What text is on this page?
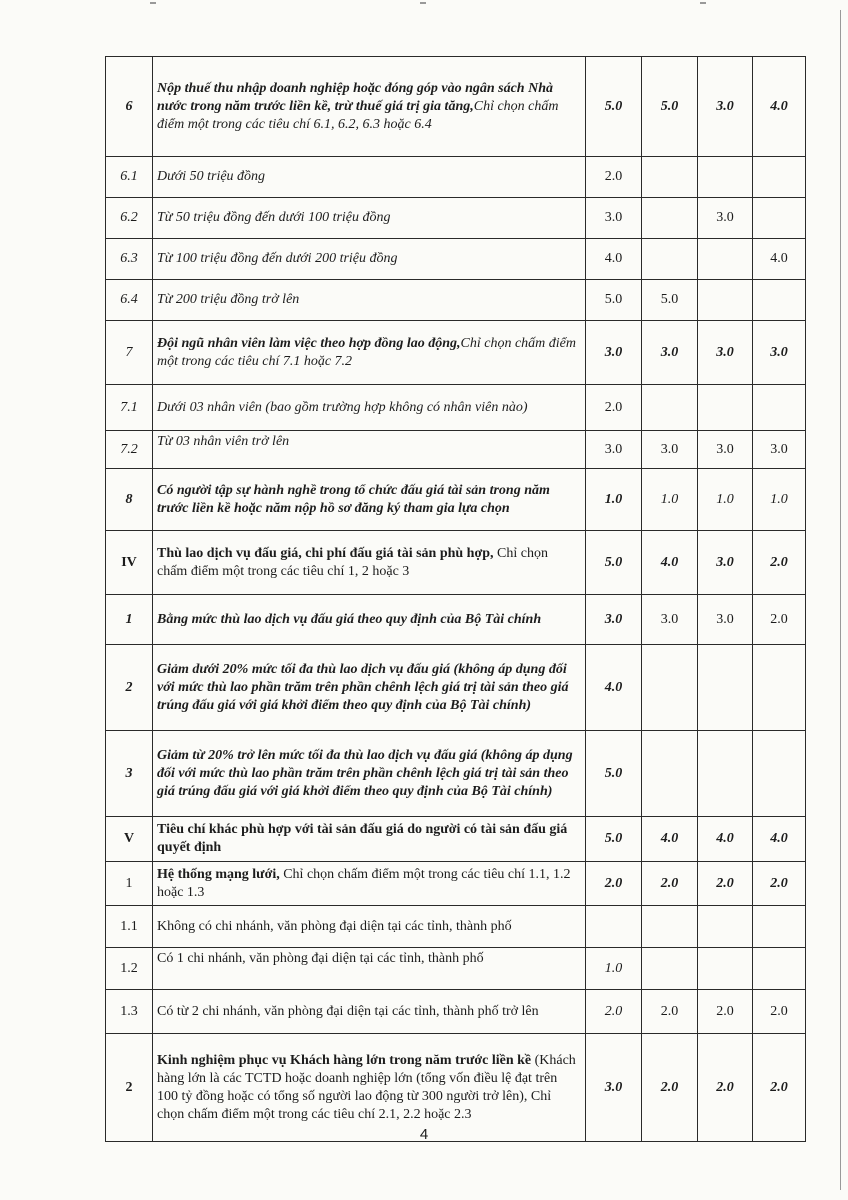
6	Nộp thuế thu nhập doanh nghiệp hoặc đóng góp vào ngân sách Nhà nước trong năm trước liền kề, trừ thuế giá trị gia tăng,Chỉ chọn chấm điểm một trong các tiêu chí 6.1, 6.2, 6.3 hoặc 6.4	5.0	5.0	3.0	4.0
6.1	Dưới 50 triệu đồng	2.0			
6.2	Từ 50 triệu đồng đến dưới 100 triệu đồng	3.0		3.0	
6.3	Từ 100 triệu đồng đến dưới 200 triệu đồng	4.0			4.0
6.4	Từ 200 triệu đồng trở lên	5.0	5.0		
7	Đội ngũ nhân viên làm việc theo hợp đồng lao động,Chỉ chọn chấm điểm một trong các tiêu chí 7.1 hoặc 7.2	3.0	3.0	3.0	3.0
7.1	Dưới 03 nhân viên (bao gồm trường hợp không có nhân viên nào)	2.0			
7.2	Từ 03 nhân viên trở lên	3.0	3.0	3.0	3.0
8	Có người tập sự hành nghề trong tổ chức đấu giá tài sản trong năm trước liền kề hoặc năm nộp hồ sơ đăng ký tham gia lựa chọn	1.0	1.0	1.0	1.0
IV	Thù lao dịch vụ đấu giá, chi phí đấu giá tài sản phù hợp, Chỉ chọn chấm điểm một trong các tiêu chí 1, 2 hoặc 3	5.0	4.0	3.0	2.0
1	Bằng mức thù lao dịch vụ đấu giá theo quy định của Bộ Tài chính	3.0	3.0	3.0	2.0
2	Giảm dưới 20% mức tối đa thù lao dịch vụ đấu giá (không áp dụng đối với mức thù lao phần trăm trên phần chênh lệch giá trị tài sản theo giá trúng đấu giá với giá khởi điểm theo quy định của Bộ Tài chính)	4.0			
3	Giảm từ 20% trở lên mức tối đa thù lao dịch vụ đấu giá (không áp dụng đối với mức thù lao phần trăm trên phần chênh lệch giá trị tài sản theo giá trúng đấu giá với giá khởi điểm theo quy định của Bộ Tài chính)	5.0			
V	Tiêu chí khác phù hợp với tài sản đấu giá do người có tài sản đấu giá quyết định	5.0	4.0	4.0	4.0
1	Hệ thống mạng lưới, Chỉ chọn chấm điểm một trong các tiêu chí 1.1, 1.2 hoặc 1.3	2.0	2.0	2.0	2.0
1.1	Không có chi nhánh, văn phòng đại diện tại các tỉnh, thành phố				
1.2	Có 1 chi nhánh, văn phòng đại diện tại các tỉnh, thành phố	1.0			
1.3	Có từ 2 chi nhánh, văn phòng đại diện tại các tỉnh, thành phố trở lên	2.0	2.0	2.0	2.0
2	Kinh nghiệm phục vụ Khách hàng lớn trong năm trước liền kề (Khách hàng lớn là các TCTD hoặc doanh nghiệp lớn (tổng vốn điều lệ đạt trên 100 tỷ đồng hoặc có tổng số người lao động từ 300 người trở lên), Chỉ chọn chấm điểm một trong các tiêu chí 2.1, 2.2 hoặc 2.3	3.0	2.0	2.0	2.0
4
